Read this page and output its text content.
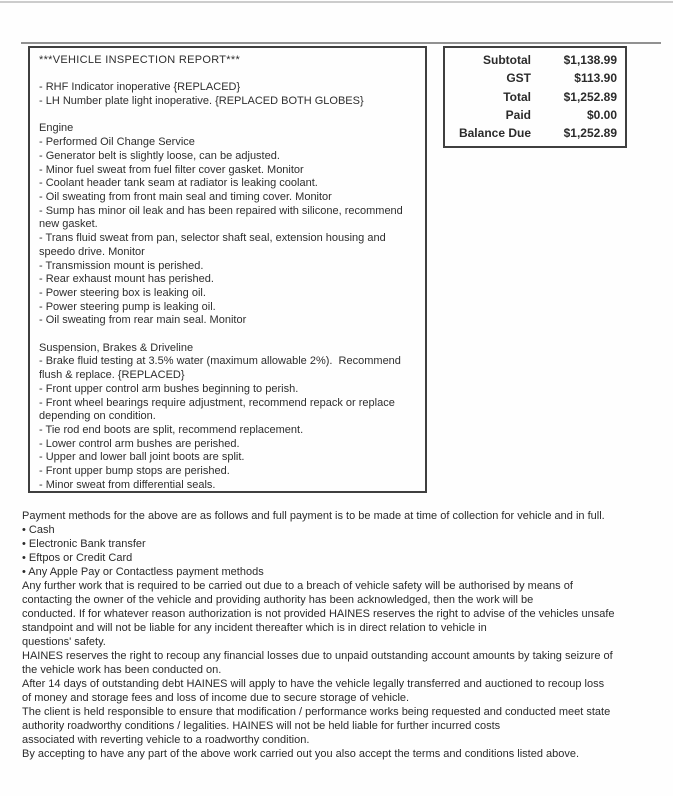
***VEHICLE INSPECTION REPORT***
- RHF Indicator inoperative {REPLACED}
- LH Number plate light inoperative. {REPLACED BOTH GLOBES}
Engine
- Performed Oil Change Service
- Generator belt is slightly loose, can be adjusted.
- Minor fuel sweat from fuel filter cover gasket. Monitor
- Coolant header tank seam at radiator is leaking coolant.
- Oil sweating from front main seal and timing cover. Monitor
- Sump has minor oil leak and has been repaired with silicone, recommend
new gasket.
- Trans fluid sweat from pan, selector shaft seal, extension housing and
speedo drive. Monitor
- Transmission mount is perished.
- Rear exhaust mount has perished.
- Power steering box is leaking oil.
- Power steering pump is leaking oil.
- Oil sweating from rear main seal. Monitor
Suspension, Brakes & Driveline
- Brake fluid testing at 3.5% water (maximum allowable 2%).  Recommend
flush & replace. {REPLACED}
- Front upper control arm bushes beginning to perish.
- Front wheel bearings require adjustment, recommend repack or replace
depending on condition.
- Tie rod end boots are split, recommend replacement.
- Lower control arm bushes are perished.
- Upper and lower ball joint boots are split.
- Front upper bump stops are perished.
- Minor sweat from differential seals.
Subtotal	$1,138.99
GST	$113.90
Total	$1,252.89
Paid	$0.00
Balance Due	$1,252.89
Payment methods for the above are as follows and full payment is to be made at time of collection for vehicle and in full.
• Cash
• Electronic Bank transfer
• Eftpos or Credit Card
• Any Apple Pay or Contactless payment methods
Any further work that is required to be carried out due to a breach of vehicle safety will be authorised by means of
contacting the owner of the vehicle and providing authority has been acknowledged, then the work will be
conducted. If for whatever reason authorization is not provided HAINES reserves the right to advise of the vehicles unsafe
standpoint and will not be liable for any incident thereafter which is in direct relation to vehicle in
questions' safety.
HAINES reserves the right to recoup any financial losses due to unpaid outstanding account amounts by taking seizure of
the vehicle work has been conducted on.
After 14 days of outstanding debt HAINES will apply to have the vehicle legally transferred and auctioned to recoup loss
of money and storage fees and loss of income due to secure storage of vehicle.
The client is held responsible to ensure that modification / performance works being requested and conducted meet state
authority roadworthy conditions / legalities. HAINES will not be held liable for further incurred costs
associated with reverting vehicle to a roadworthy condition.
By accepting to have any part of the above work carried out you also accept the terms and conditions listed above.
